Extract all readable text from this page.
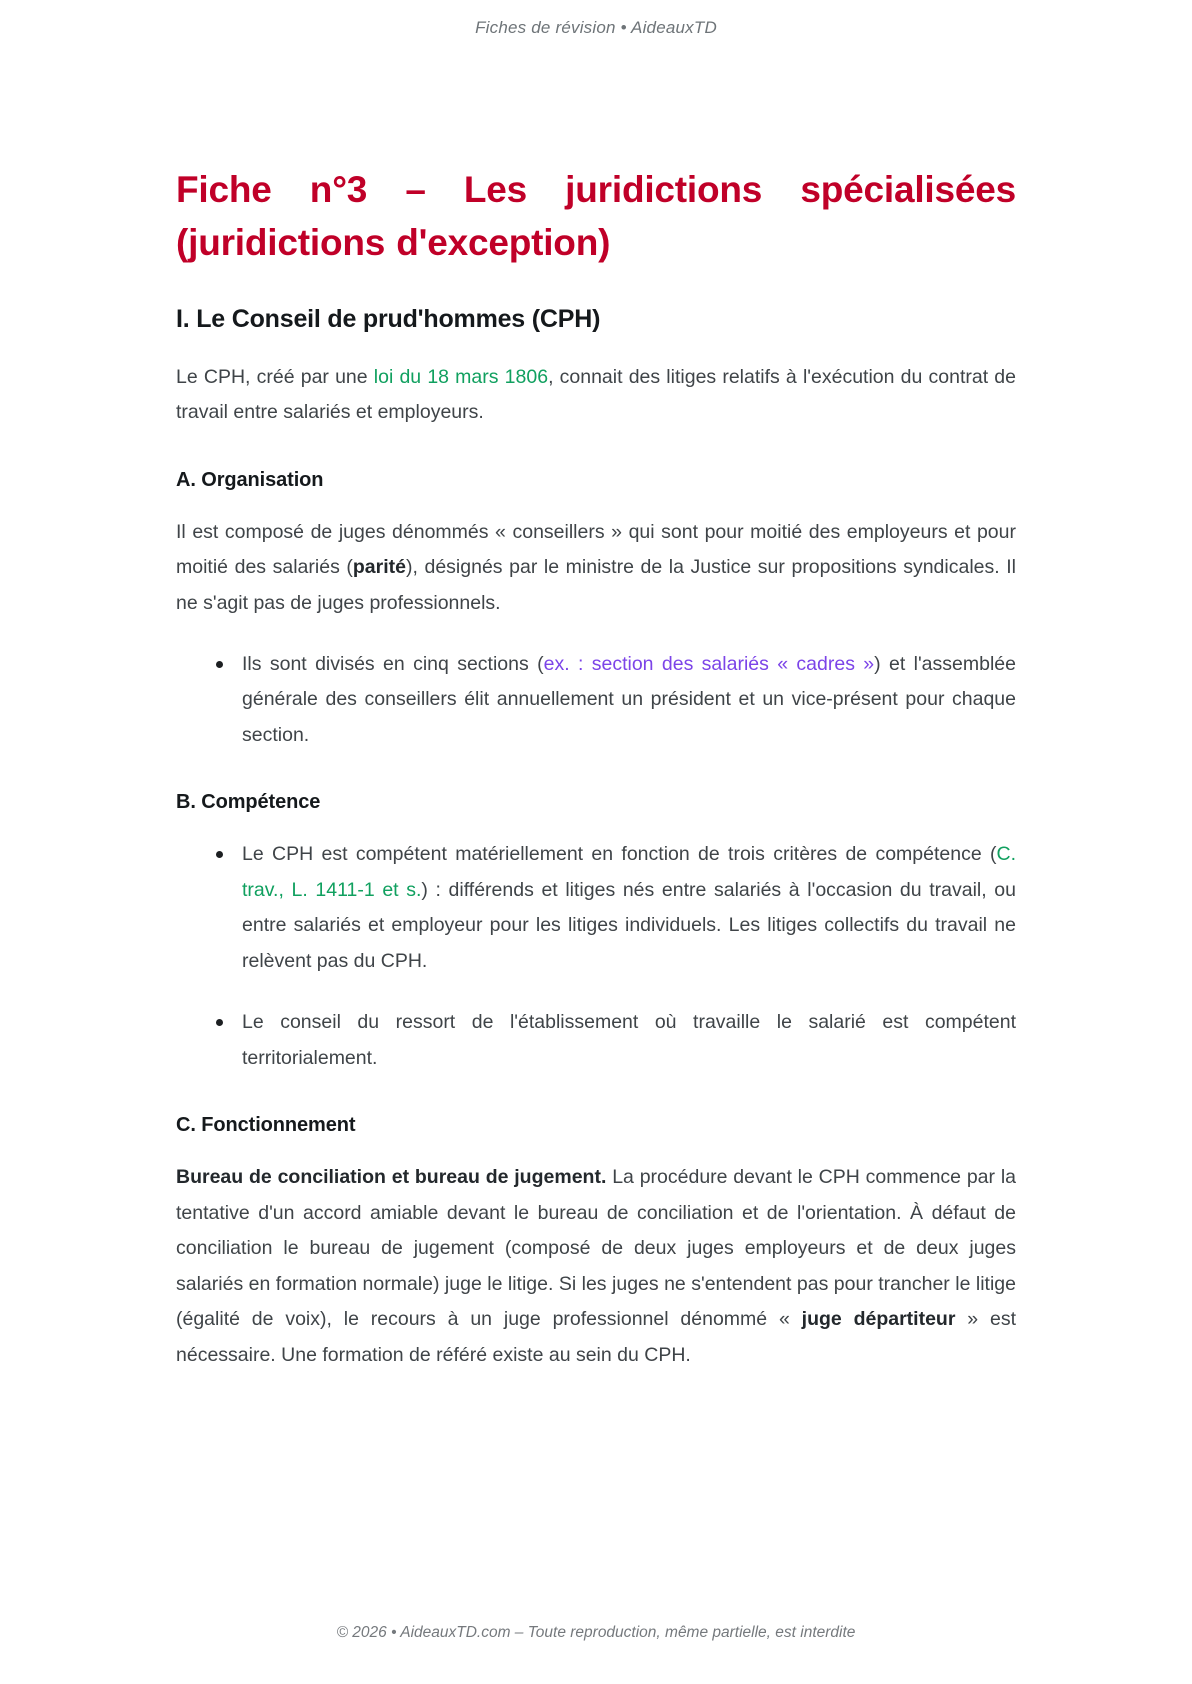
Fiches de révision • AideauxTD
Fiche n°3 – Les juridictions spécialisées (juridictions d'exception)
I. Le Conseil de prud'hommes (CPH)

Le CPH, créé par une loi du 18 mars 1806, connait des litiges relatifs à l'exécution du contrat de travail entre salariés et employeurs.

A. Organisation

Il est composé de juges dénommés « conseillers » qui sont pour moitié des employeurs et pour moitié des salariés (parité), désignés par le ministre de la Justice sur propositions syndicales. Il ne s'agit pas de juges professionnels.

Ils sont divisés en cinq sections (ex. : section des salariés « cadres ») et l'assemblée générale des conseillers élit annuellement un président et un vice-présent pour chaque section.
B. Compétence
Le CPH est compétent matériellement en fonction de trois critères de compétence (C. trav., L. 1411-1 et s.) : différends et litiges nés entre salariés à l'occasion du travail, ou entre salariés et employeur pour les litiges individuels. Les litiges collectifs du travail ne relèvent pas du CPH.
Le conseil du ressort de l'établissement où travaille le salarié est compétent territorialement.
C. Fonctionnement

Bureau de conciliation et bureau de jugement. La procédure devant le CPH commence par la tentative d'un accord amiable devant le bureau de conciliation et de l'orientation. À défaut de conciliation le bureau de jugement (composé de deux juges employeurs et de deux juges salariés en formation normale) juge le litige. Si les juges ne s'entendent pas pour trancher le litige (égalité de voix), le recours à un juge professionnel dénommé « juge départiteur » est nécessaire. Une formation de référé existe au sein du CPH.

© 2026 • AideauxTD.com – Toute reproduction, même partielle, est interdite
